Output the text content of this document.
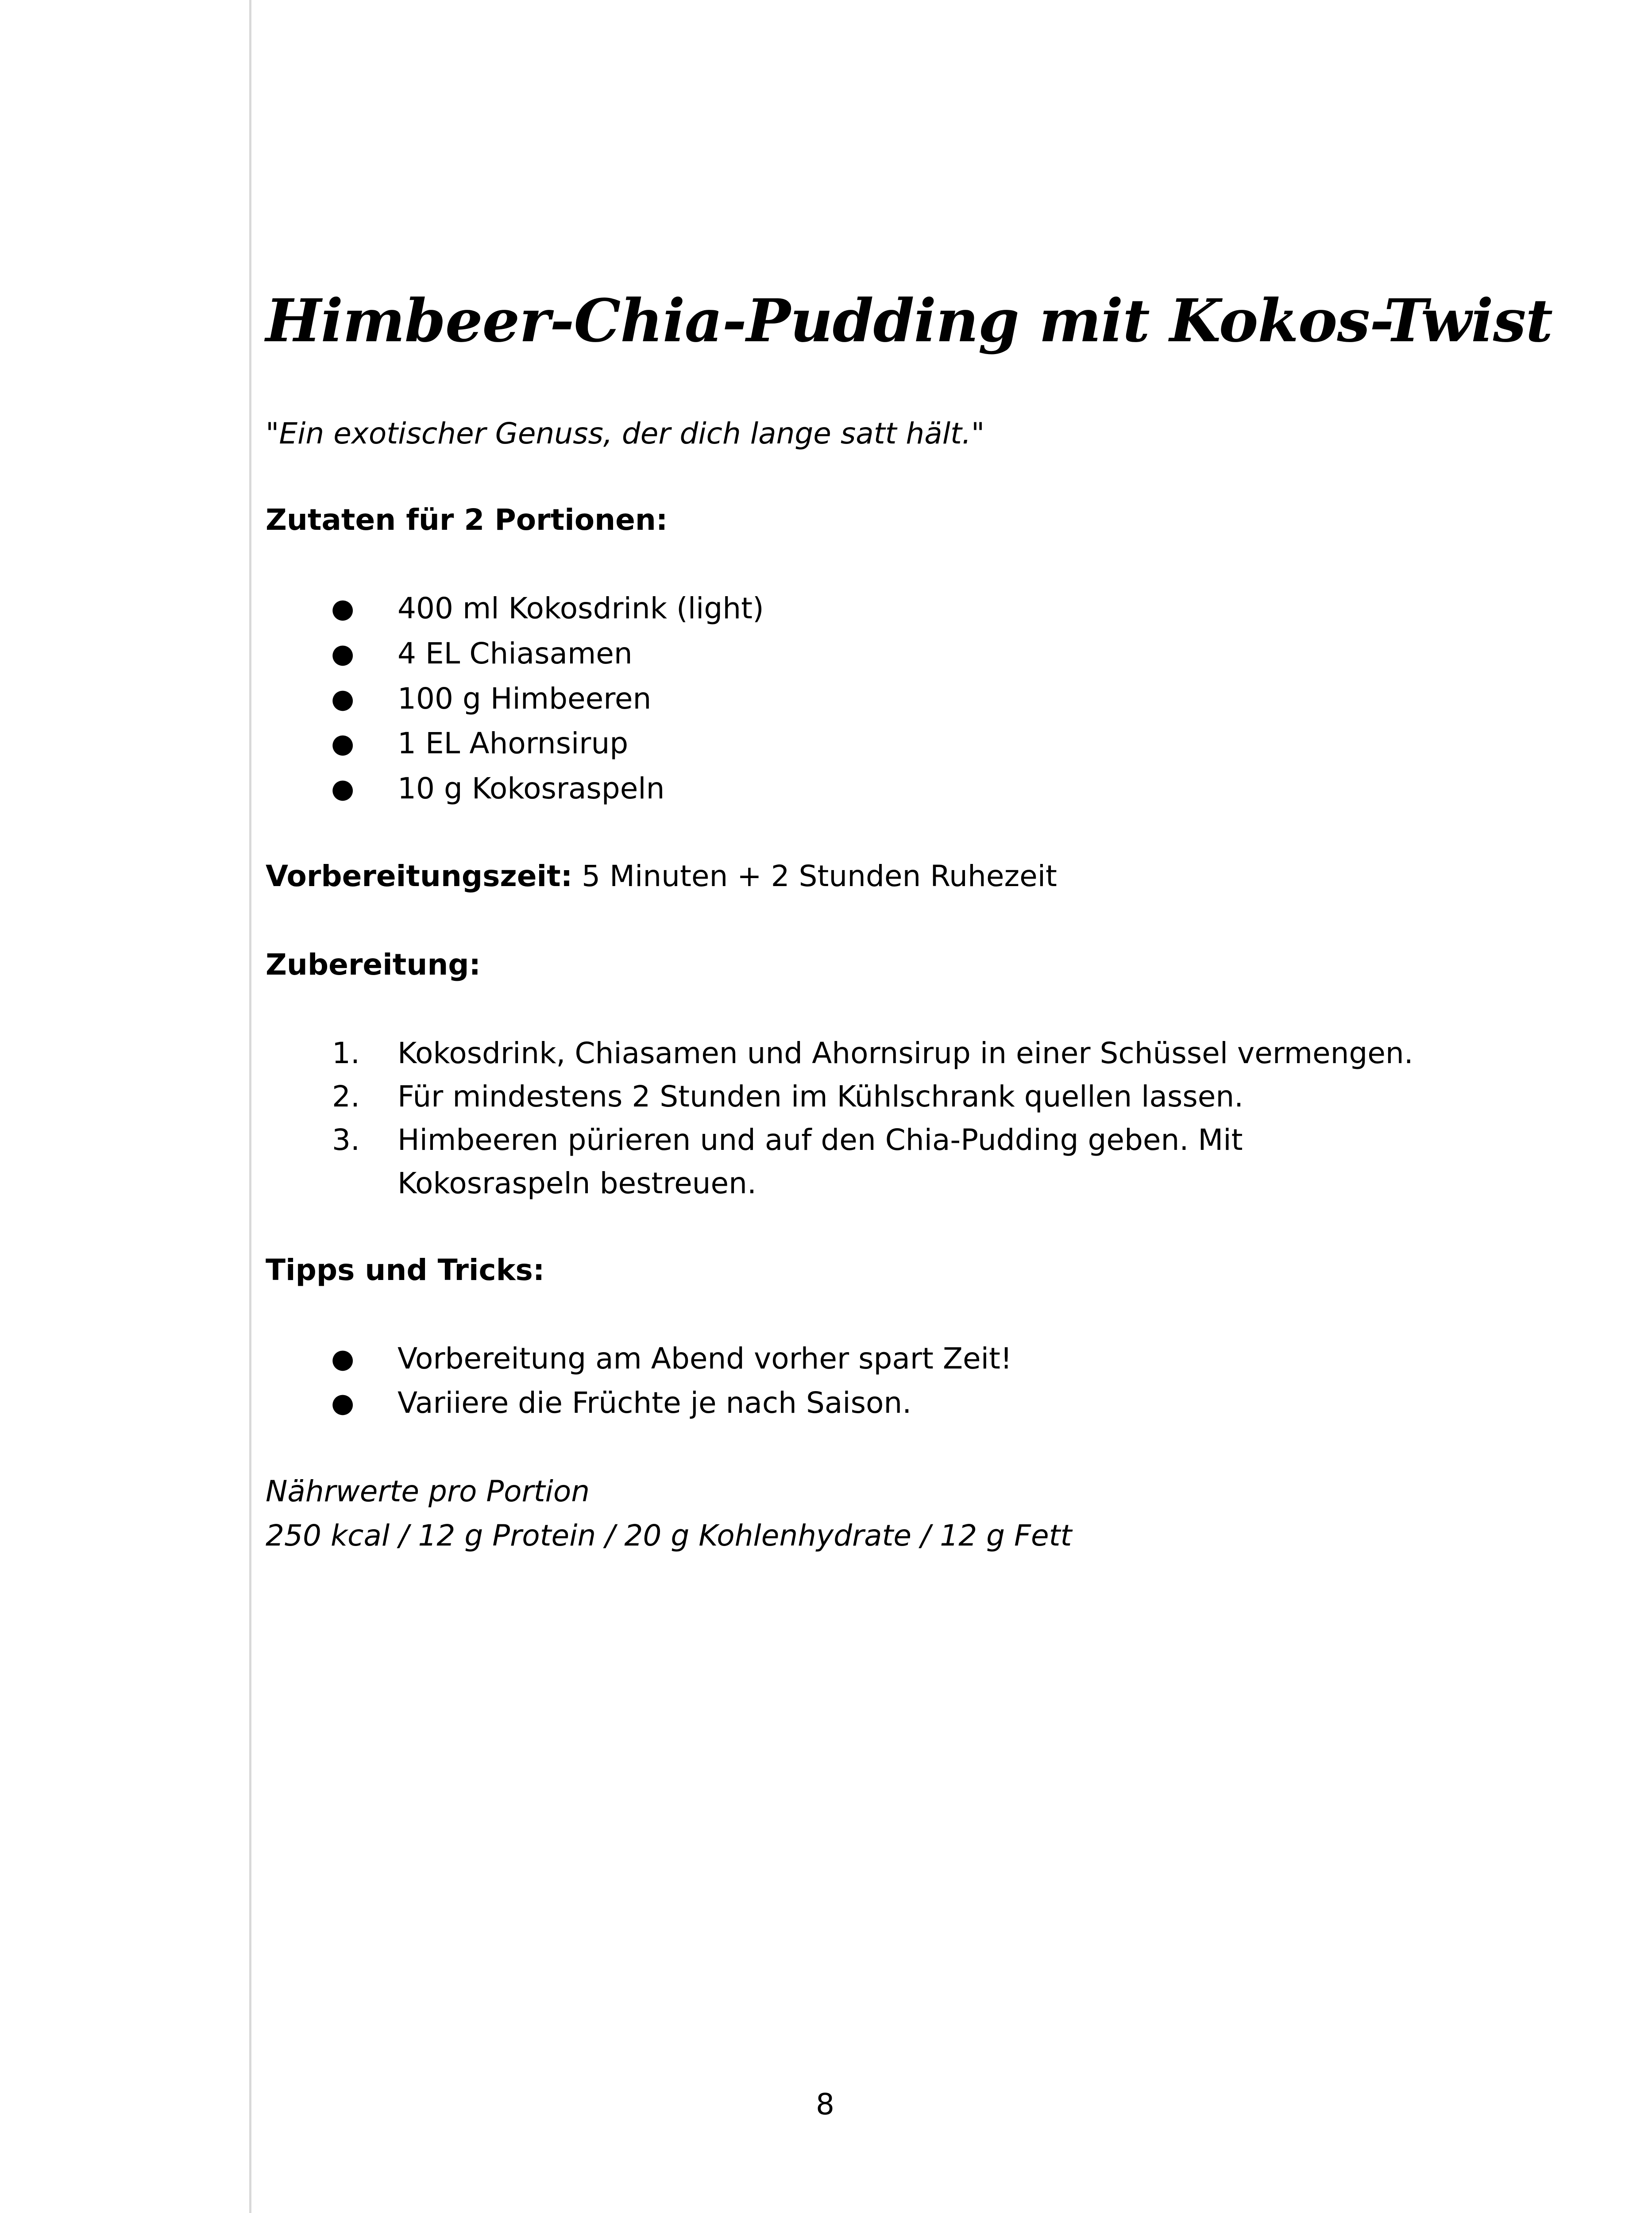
Himbeer-Chia-Pudding mit Kokos-Twist

"Ein exotischer Genuss, der dich lange satt hält."

Zutaten für 2 Portionen:

● 400 ml Kokosdrink (light)
● 4 EL Chiasamen
● 100 g Himbeeren
● 1 EL Ahornsirup
● 10 g Kokosraspeln

Vorbereitungszeit: 5 Minuten + 2 Stunden Ruhezeit

Zubereitung:

1. Kokosdrink, Chiasamen und Ahornsirup in einer Schüssel vermengen.
2. Für mindestens 2 Stunden im Kühlschrank quellen lassen.
3. Himbeeren pürieren und auf den Chia-Pudding geben. Mit
Kokosraspeln bestreuen.

Tipps und Tricks:

● Vorbereitung am Abend vorher spart Zeit!
● Variiere die Früchte je nach Saison.

Nährwerte pro Portion

250 kcal / 12 g Protein / 20 g Kohlenhydrate / 12 g Fett

8
